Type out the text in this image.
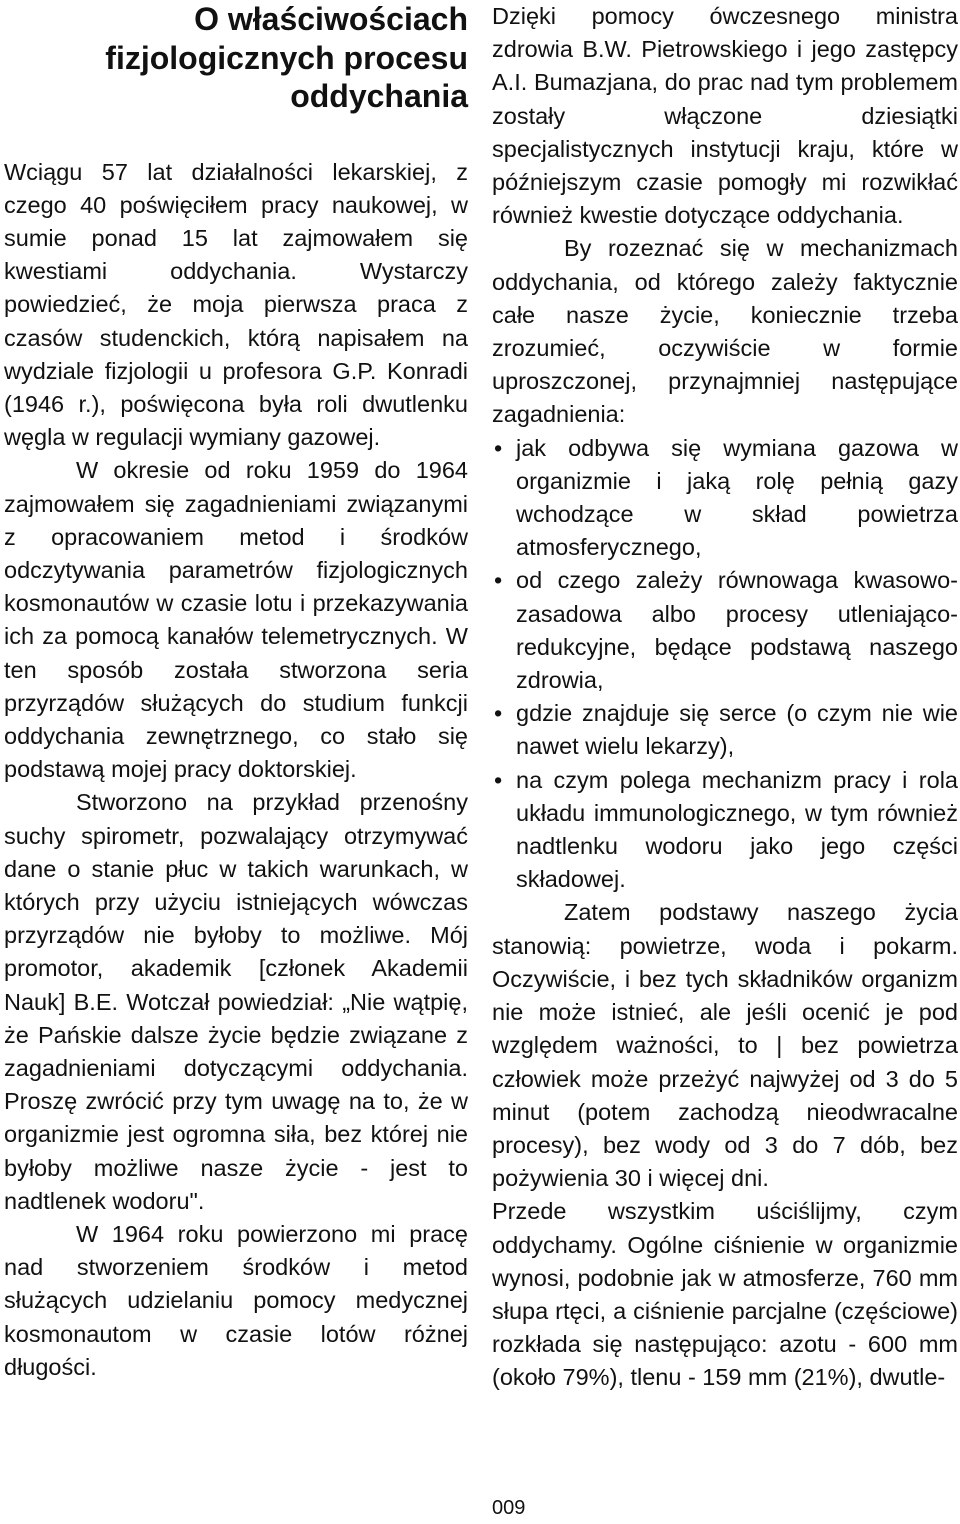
O właściwościach
fizjologicznych procesu
oddychania

Wciągu 57 lat działalności lekarskiej, z czego 40 poświęciłem pracy naukowej, w sumie ponad 15 lat zajmowałem się kwestiami oddychania. Wystarczy powiedzieć, że moja pierwsza praca z czasów studenckich, którą napisałem na wydziale fizjologii u profesora G.P. Konradi (1946 r.), poświęcona była roli dwutlenku węgla w regulacji wymiany gazowej.

W okresie od roku 1959 do 1964 zajmowałem się zagadnieniami związanymi z opracowaniem metod i środków odczytywania parametrów fizjologicznych kosmonautów w czasie lotu i przekazywania ich za pomocą kanałów telemetrycznych. W ten sposób została stworzona seria przyrządów służących do studium funkcji oddychania zewnętrznego, co stało się podstawą mojej pracy doktorskiej.

Stworzono na przykład przenośny suchy spirometr, pozwalający otrzymywać dane o stanie płuc w takich warunkach, w których przy użyciu istniejących wówczas przyrządów nie byłoby to możliwe. Mój promotor, akademik [członek Akademii Nauk] B.E. Wotczał powiedział: „Nie wątpię, że Pańskie dalsze życie będzie związane z zagadnieniami dotyczącymi oddychania. Proszę zwrócić przy tym uwagę na to, że w organizmie jest ogromna siła, bez której nie byłoby możliwe nasze życie - jest to nadtlenek wodoru".

W 1964 roku powierzono mi pracę nad stworzeniem środków i metod służących udzielaniu pomocy medycznej kosmonautom w czasie lotów różnej długości.

Dzięki pomocy ówczesnego ministra zdrowia B.W. Pietrowskiego i jego zastępcy A.I. Bumazjana, do prac nad tym problemem zostały włączone dziesiątki specjalistycznych instytucji kraju, które w późniejszym czasie pomogły mi rozwikłać również kwestie dotyczące oddychania.

By rozeznać się w mechanizmach oddychania, od którego zależy faktycznie całe nasze życie, koniecznie trzeba zrozumieć, oczywiście w formie uproszczonej, przynajmniej następujące zagadnienia:

• jak odbywa się wymiana gazowa w organizmie i jaką rolę pełnią gazy wchodzące w skład powietrza atmosferycznego,
• od czego zależy równowaga kwasowo-zasadowa albo procesy utleniająco-redukcyjne, będące podstawą naszego zdrowia,
• gdzie znajduje się serce (o czym nie wie nawet wielu lekarzy),
• na czym polega mechanizm pracy i rola układu immunologicznego, w tym również nadtlenku wodoru jako jego części składowej.

Zatem podstawy naszego życia stanowią: powietrze, woda i pokarm. Oczywiście, i bez tych składników organizm nie może istnieć, ale jeśli ocenić je pod względem ważności, to | bez powietrza człowiek może przeżyć najwyżej od 3 do 5 minut (potem zachodzą nieodwracalne procesy), bez wody od 3 do 7 dób, bez pożywienia 30 i więcej dni.

Przede wszystkim uściślijmy, czym oddychamy. Ogólne ciśnienie w organizmie wynosi, podobnie jak w atmosferze, 760 mm słupa rtęci, a ciśnienie parcjalne (częściowe) rozkłada się następująco: azotu - 600 mm (około 79%), tlenu - 159 mm (21%), dwutle-

009
